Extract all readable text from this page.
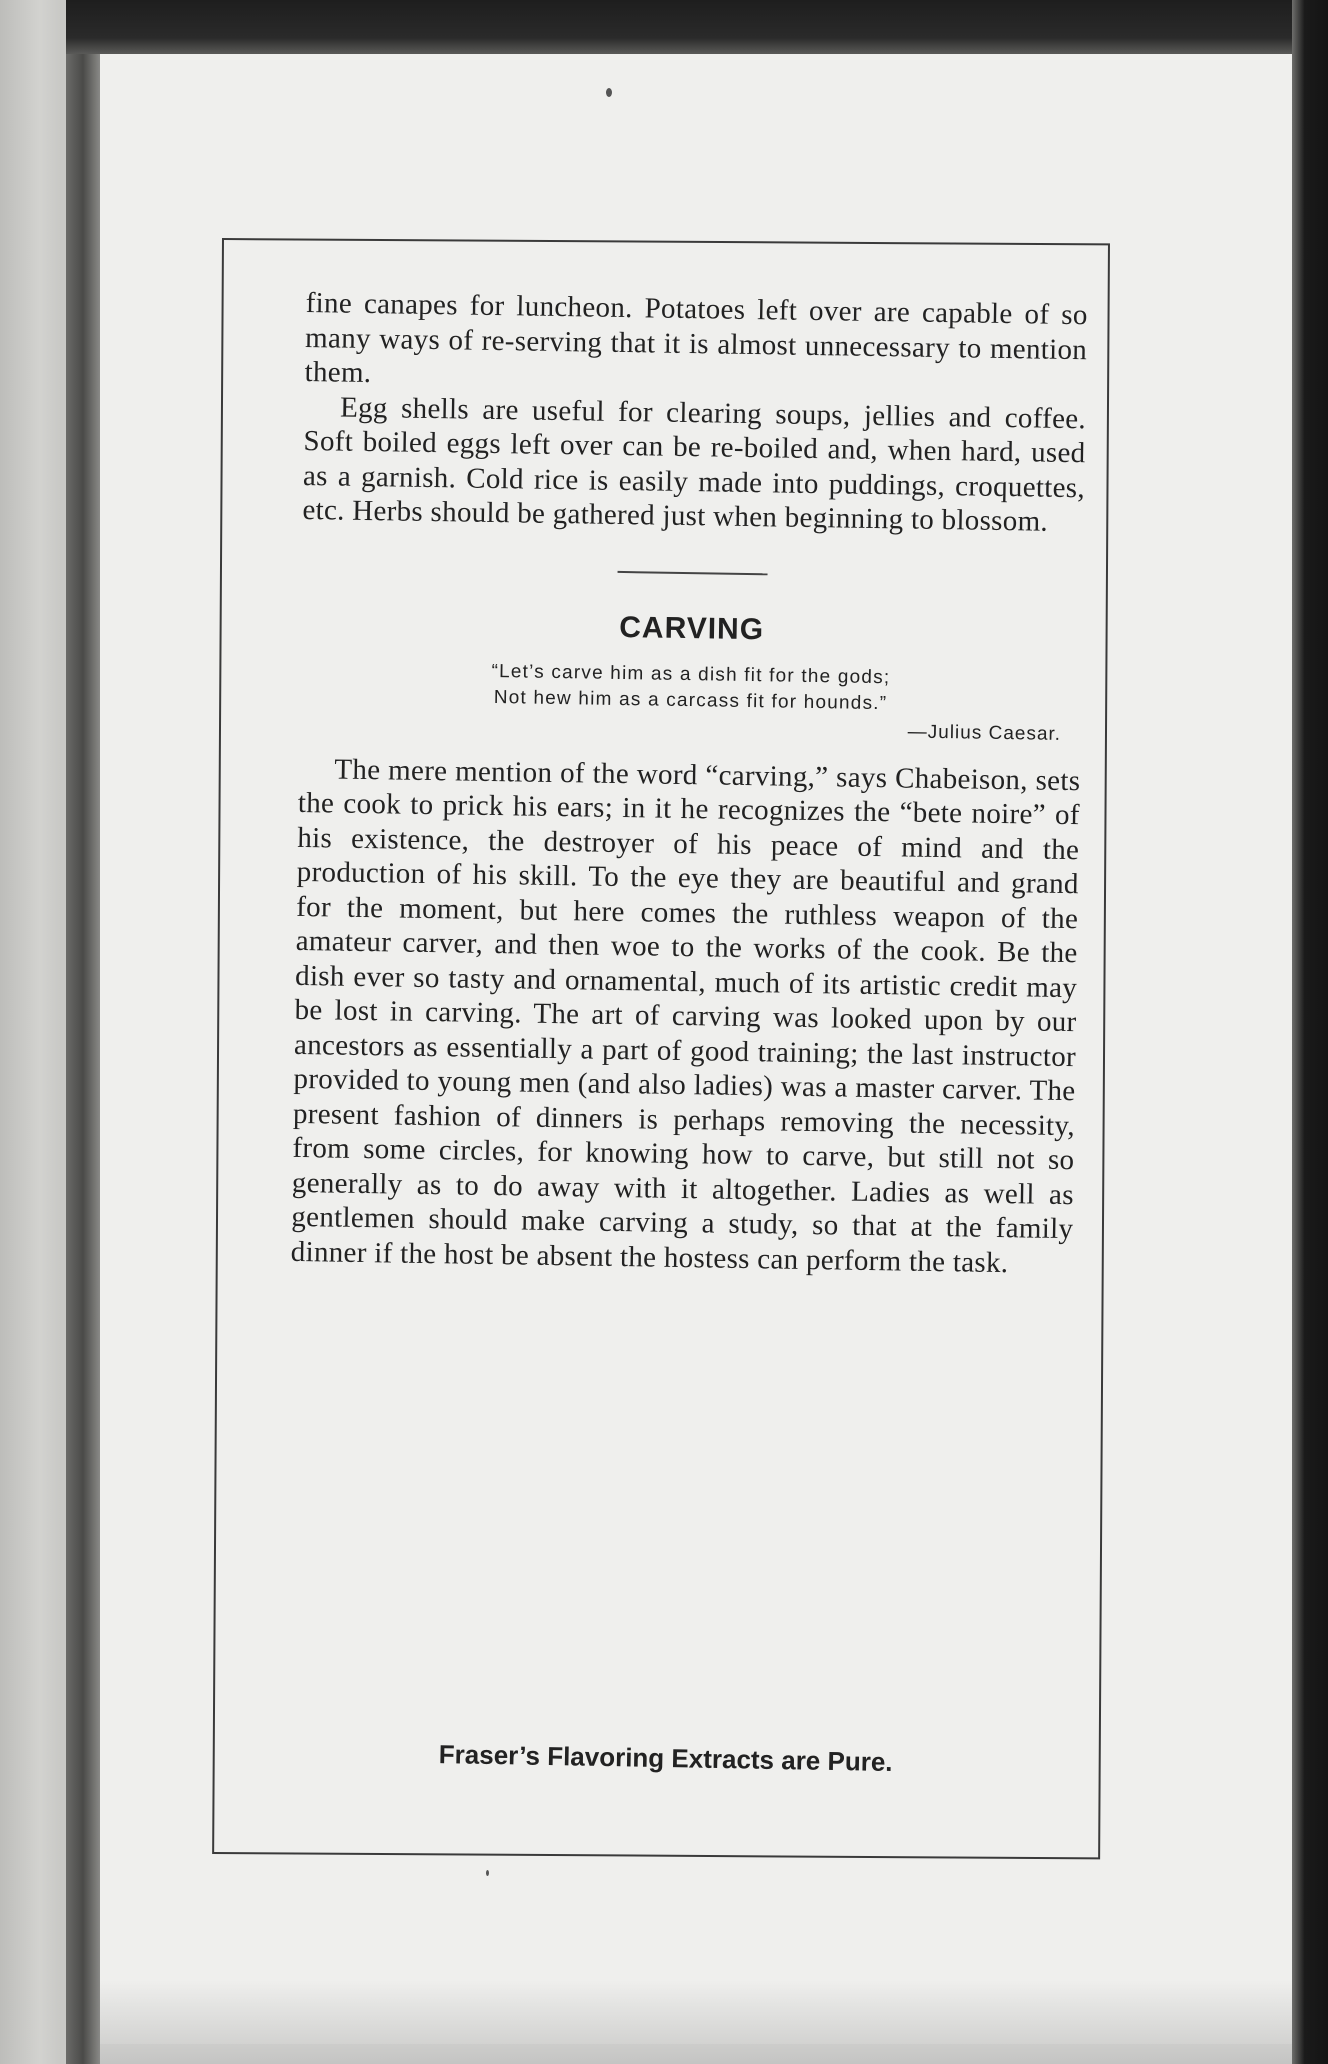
fine canapes for luncheon. Potatoes left over are capable of so many ways of re-serving that it is almost unnecessary to mention them.

Egg shells are useful for clearing soups, jellies and coffee. Soft boiled eggs left over can be re-boiled and, when hard, used as a garnish. Cold rice is easily made into puddings, croquettes, etc. Herbs should be gathered just when beginning to blossom.

CARVING

“Let’s carve him as a dish fit for the gods;

Not hew him as a carcass fit for hounds.”

—Julius Caesar.

The mere mention of the word “carving,” says Chabeison, sets the cook to prick his ears; in it he recognizes the “bete noire” of his existence, the destroyer of his peace of mind and the production of his skill. To the eye they are beautiful and grand for the moment, but here comes the ruthless weapon of the amateur carver, and then woe to the works of the cook. Be the dish ever so tasty and ornamental, much of its artistic credit may be lost in carving. The art of carving was looked upon by our ancestors as essentially a part of good training; the last instructor provided to young men (and also ladies) was a master carver. The present fashion of dinners is perhaps removing the necessity, from some circles, for knowing how to carve, but still not so generally as to do away with it altogether. Ladies as well as gentlemen should make carving a study, so that at the family dinner if the host be absent the hostess can perform the task.

Fraser’s Flavoring Extracts are Pure.
